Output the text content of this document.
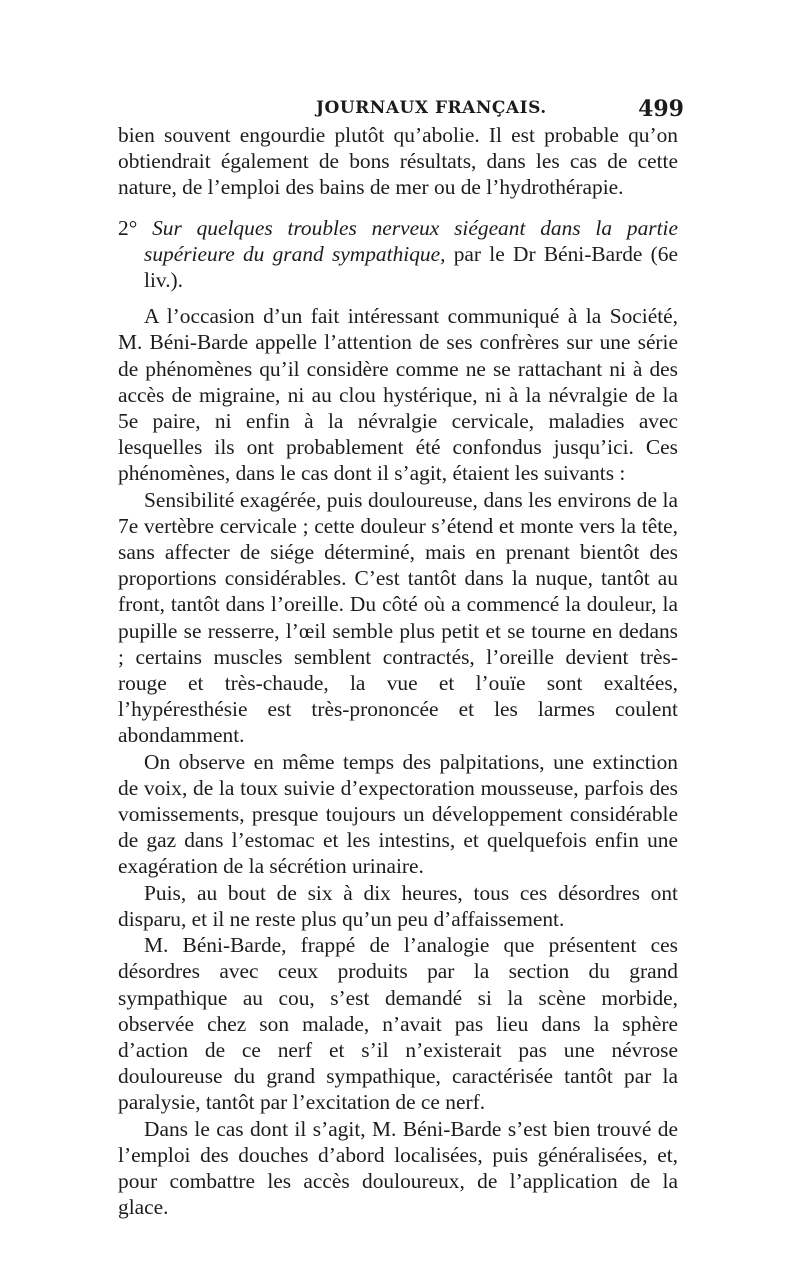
JOURNAUX FRANÇAIS.	499

bien souvent engourdie plutôt qu’abolie. Il est probable qu’on obtiendrait également de bons résultats, dans les cas de cette nature, de l’emploi des bains de mer ou de l’hydrothérapie.

2° Sur quelques troubles nerveux siégeant dans la partie supérieure du grand sympathique, par le Dr Béni-Barde (6e liv.).

A l’occasion d’un fait intéressant communiqué à la Société, M. Béni-Barde appelle l’attention de ses confrères sur une série de phénomènes qu’il considère comme ne se rattachant ni à des accès de migraine, ni au clou hystérique, ni à la névralgie de la 5e paire, ni enfin à la névralgie cervicale, maladies avec lesquelles ils ont probablement été confondus jusqu’ici. Ces phénomènes, dans le cas dont il s’agit, étaient les suivants :

Sensibilité exagérée, puis douloureuse, dans les environs de la 7e vertèbre cervicale ; cette douleur s’étend et monte vers la tête, sans affecter de siége déterminé, mais en prenant bientôt des proportions considérables. C’est tantôt dans la nuque, tantôt au front, tantôt dans l’oreille. Du côté où a commencé la douleur, la pupille se resserre, l’œil semble plus petit et se tourne en dedans ; certains muscles semblent contractés, l’oreille devient très-rouge et très-chaude, la vue et l’ouïe sont exaltées, l’hypéresthésie est très-prononcée et les larmes coulent abondamment.

On observe en même temps des palpitations, une extinction de voix, de la toux suivie d’expectoration mousseuse, parfois des vomissements, presque toujours un développement considérable de gaz dans l’estomac et les intestins, et quelquefois enfin une exagération de la sécrétion urinaire.

Puis, au bout de six à dix heures, tous ces désordres ont disparu, et il ne reste plus qu’un peu d’affaissement.

M. Béni-Barde, frappé de l’analogie que présentent ces désordres avec ceux produits par la section du grand sympathique au cou, s’est demandé si la scène morbide, observée chez son malade, n’avait pas lieu dans la sphère d’action de ce nerf et s’il n’existerait pas une névrose douloureuse du grand sympathique, caractérisée tantôt par la paralysie, tantôt par l’excitation de ce nerf.

Dans le cas dont il s’agit, M. Béni-Barde s’est bien trouvé de l’emploi des douches d’abord localisées, puis généralisées, et, pour combattre les accès douloureux, de l’application de la glace.
